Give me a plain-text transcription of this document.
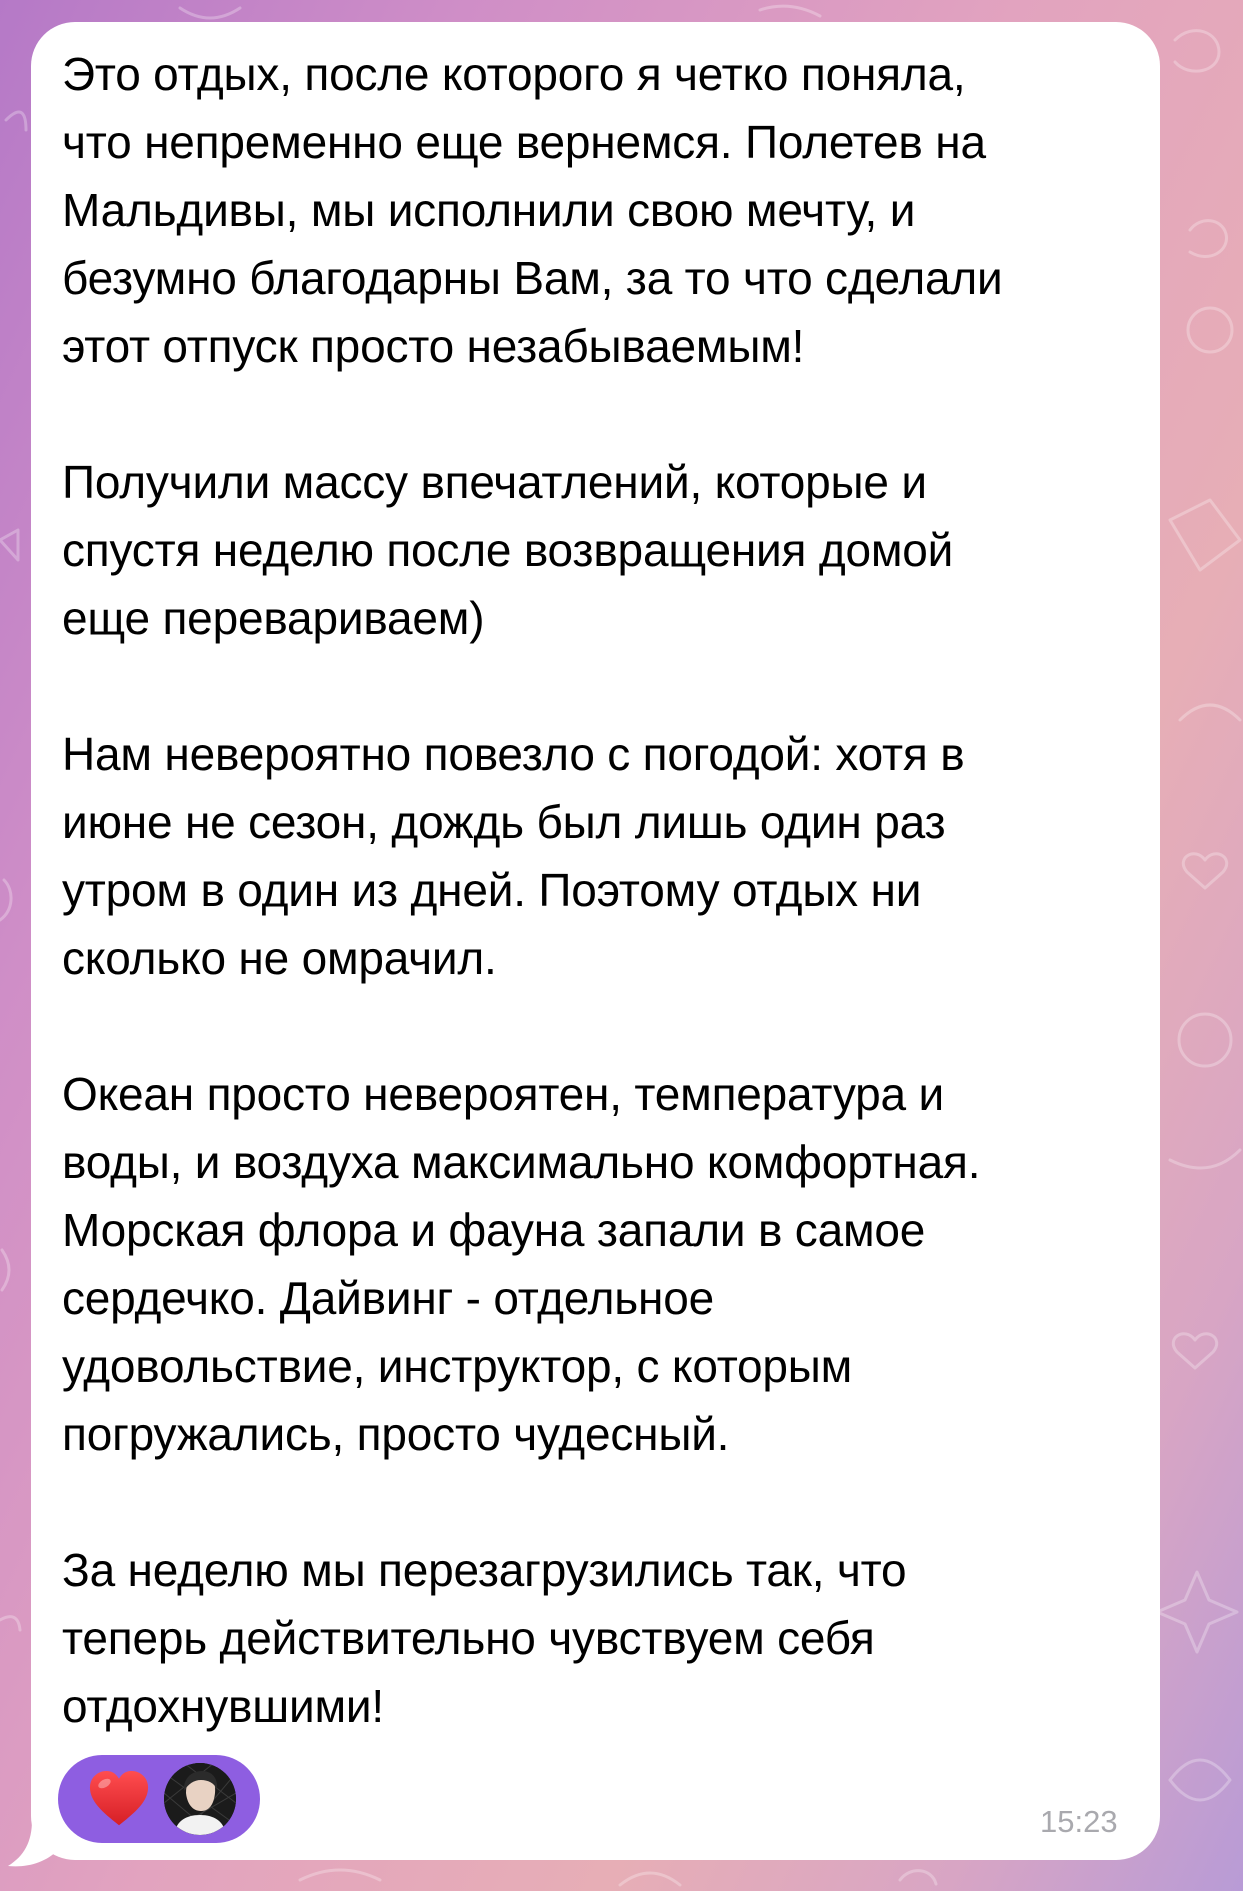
Это отдых, после которого я четко поняла,
что непременно еще вернемся. Полетев на
Мальдивы, мы исполнили свою мечту, и
безумно благодарны Вам, за то что сделали
этот отпуск просто незабываемым!

Получили массу впечатлений, которые и
спустя неделю после возвращения домой
еще перевариваем)

Нам невероятно повезло с погодой: хотя в
июне не сезон, дождь был лишь один раз
утром в один из дней. Поэтому отдых ни
сколько не омрачил.

Океан просто невероятен, температура и
воды, и воздуха максимально комфортная.
Морская флора и фауна запали в самое
сердечко. Дайвинг - отдельное
удовольствие, инструктор, с которым
погружались, просто чудесный.

За неделю мы перезагрузились так, что
теперь действительно чувствуем себя
отдохнувшими!

15:23
